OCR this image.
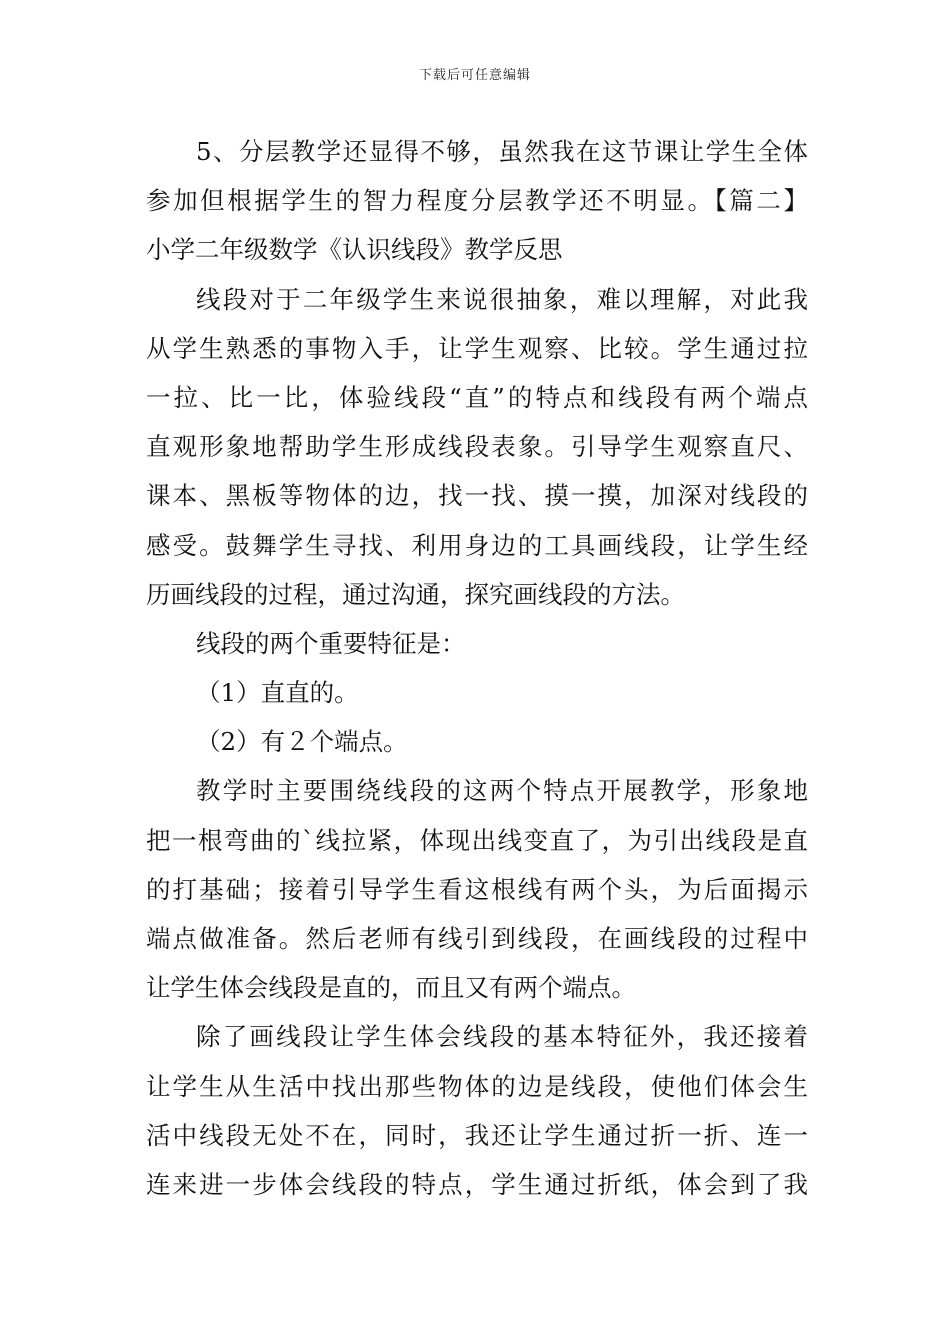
下载后可任意编辑
5、分层教学还显得不够，虽然我在这节课让学生全体
参加但根据学生的智力程度分层教学还不明显。【篇二】
小学二年级数学《认识线段》教学反思
线段对于二年级学生来说很抽象，难以理解，对此我
从学生熟悉的事物入手，让学生观察、比较。学生通过拉
一拉、比一比，体验线段“直”的特点和线段有两个端点
直观形象地帮助学生形成线段表象。引导学生观察直尺、
课本、黑板等物体的边，找一找、摸一摸，加深对线段的
感受。鼓舞学生寻找、利用身边的工具画线段，让学生经
历画线段的过程，通过沟通，探究画线段的方法。
线段的两个重要特征是：
（1）直直的。
（2）有２个端点。
教学时主要围绕线段的这两个特点开展教学，形象地
把一根弯曲的`线拉紧，体现出线变直了，为引出线段是直
的打基础；接着引导学生看这根线有两个头，为后面揭示
端点做准备。然后老师有线引到线段，在画线段的过程中
让学生体会线段是直的，而且又有两个端点。
除了画线段让学生体会线段的基本特征外，我还接着
让学生从生活中找出那些物体的边是线段，使他们体会生
活中线段无处不在，同时，我还让学生通过折一折、连一
连来进一步体会线段的特点，学生通过折纸，体会到了我
